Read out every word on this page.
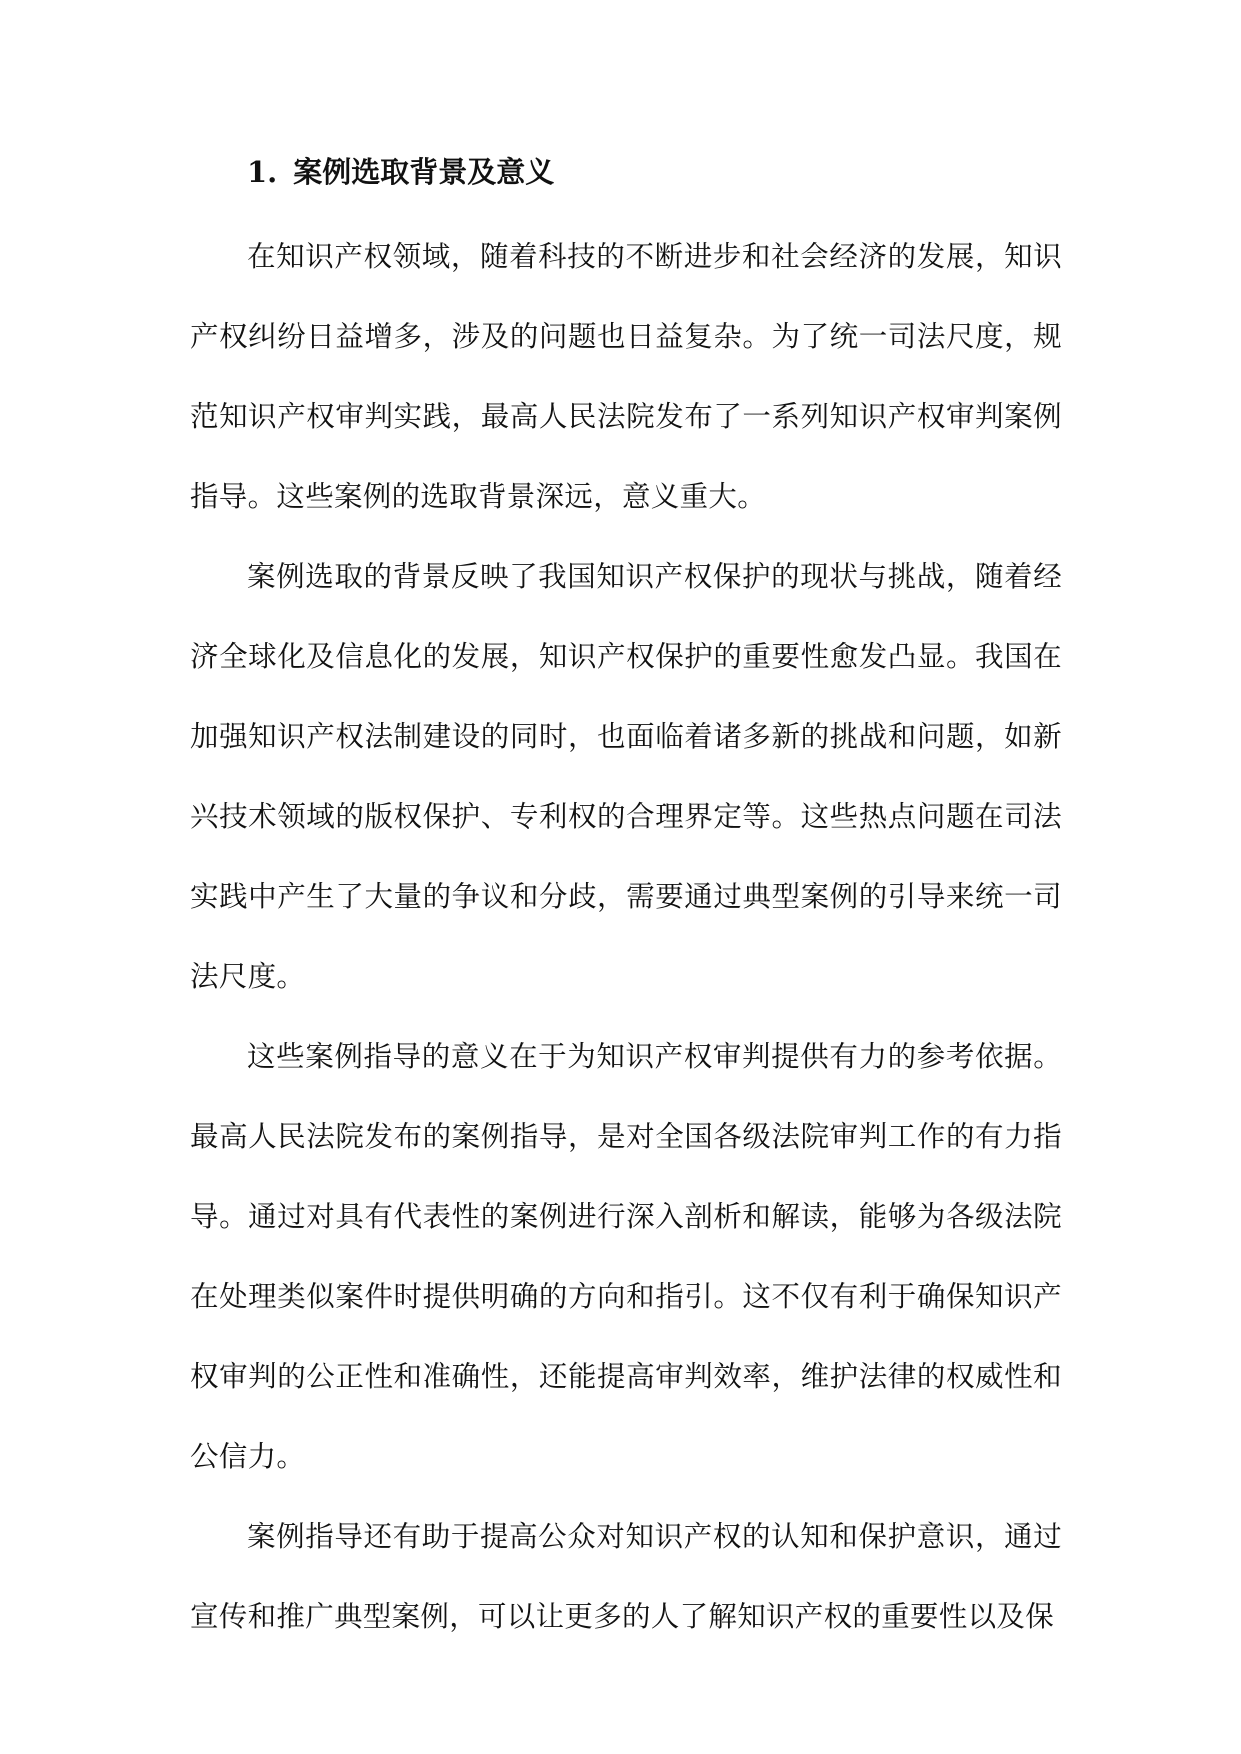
1. 案例选取背景及意义

在知识产权领域，随着科技的不断进步和社会经济的发展，知识产权纠纷日益增多，涉及的问题也日益复杂。为了统一司法尺度，规范知识产权审判实践，最高人民法院发布了一系列知识产权审判案例指导。这些案例的选取背景深远，意义重大。

案例选取的背景反映了我国知识产权保护的现状与挑战，随着经济全球化及信息化的发展，知识产权保护的重要性愈发凸显。我国在加强知识产权法制建设的同时，也面临着诸多新的挑战和问题，如新兴技术领域的版权保护、专利权的合理界定等。这些热点问题在司法实践中产生了大量的争议和分歧，需要通过典型案例的引导来统一司法尺度。

这些案例指导的意义在于为知识产权审判提供有力的参考依据。最高人民法院发布的案例指导，是对全国各级法院审判工作的有力指导。通过对具有代表性的案例进行深入剖析和解读，能够为各级法院在处理类似案件时提供明确的方向和指引。这不仅有利于确保知识产权审判的公正性和准确性，还能提高审判效率，维护法律的权威性和公信力。

案例指导还有助于提高公众对知识产权的认知和保护意识，通过宣传和推广典型案例，可以让更多的人了解知识产权的重要性以及保
